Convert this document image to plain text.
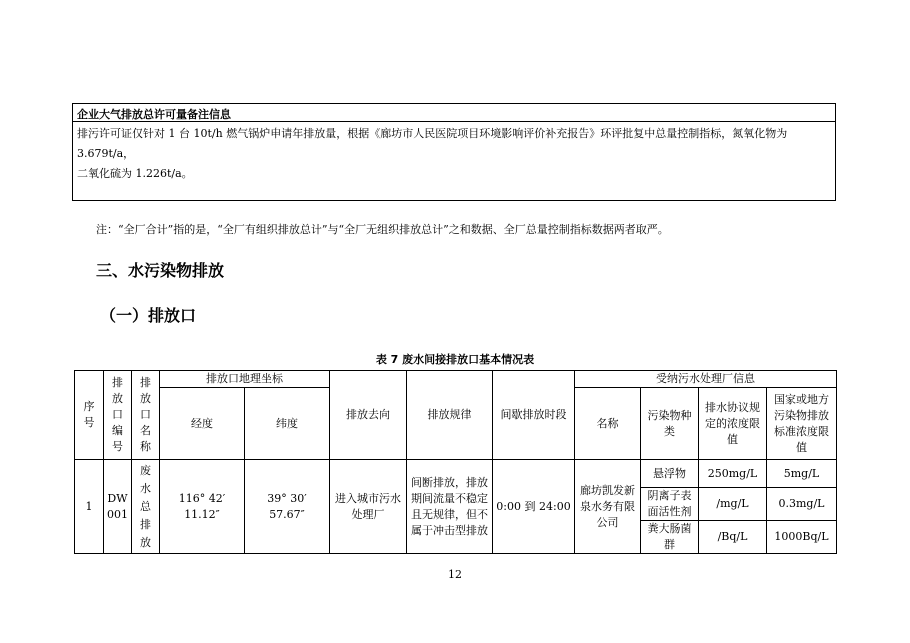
企业大气排放总许可量备注信息
排污许可证仅针对 1 台 10t/h 燃气锅炉申请年排放量，根据《廊坊市人民医院项目环境影响评价补充报告》环评批复中总量控制指标，氮氧化物为 3.679t/a，
二氧化硫为 1.226t/a。
注：“全厂合计”指的是，“全厂有组织排放总计”与“全厂无组织排放总计”之和数据、全厂总量控制指标数据两者取严。
三、水污染物排放
（一）排放口
表 7 废水间接排放口基本情况表
序号	排放口编号	排放口名称	排放口地理坐标		排放去向	排放规律	间歇排放时段	受纳污水处理厂信息			
			经度	纬度				名称	污染物种类	排水协议规定的浓度限值	国家或地方污染物排放标准浓度限值
1	DW001	废水总排放	116° 42′ 11.12″	39° 30′ 57.67″	进入城市污水处理厂	间断排放，排放期间流量不稳定且无规律，但不属于冲击型排放	0:00 到 24:00	廊坊凯发新泉水务有限公司	悬浮物	250mg/L	5mg/L
									阴离子表面活性剂	/mg/L	0.3mg/L
									粪大肠菌群	/Bq/L	1000Bq/L
12
